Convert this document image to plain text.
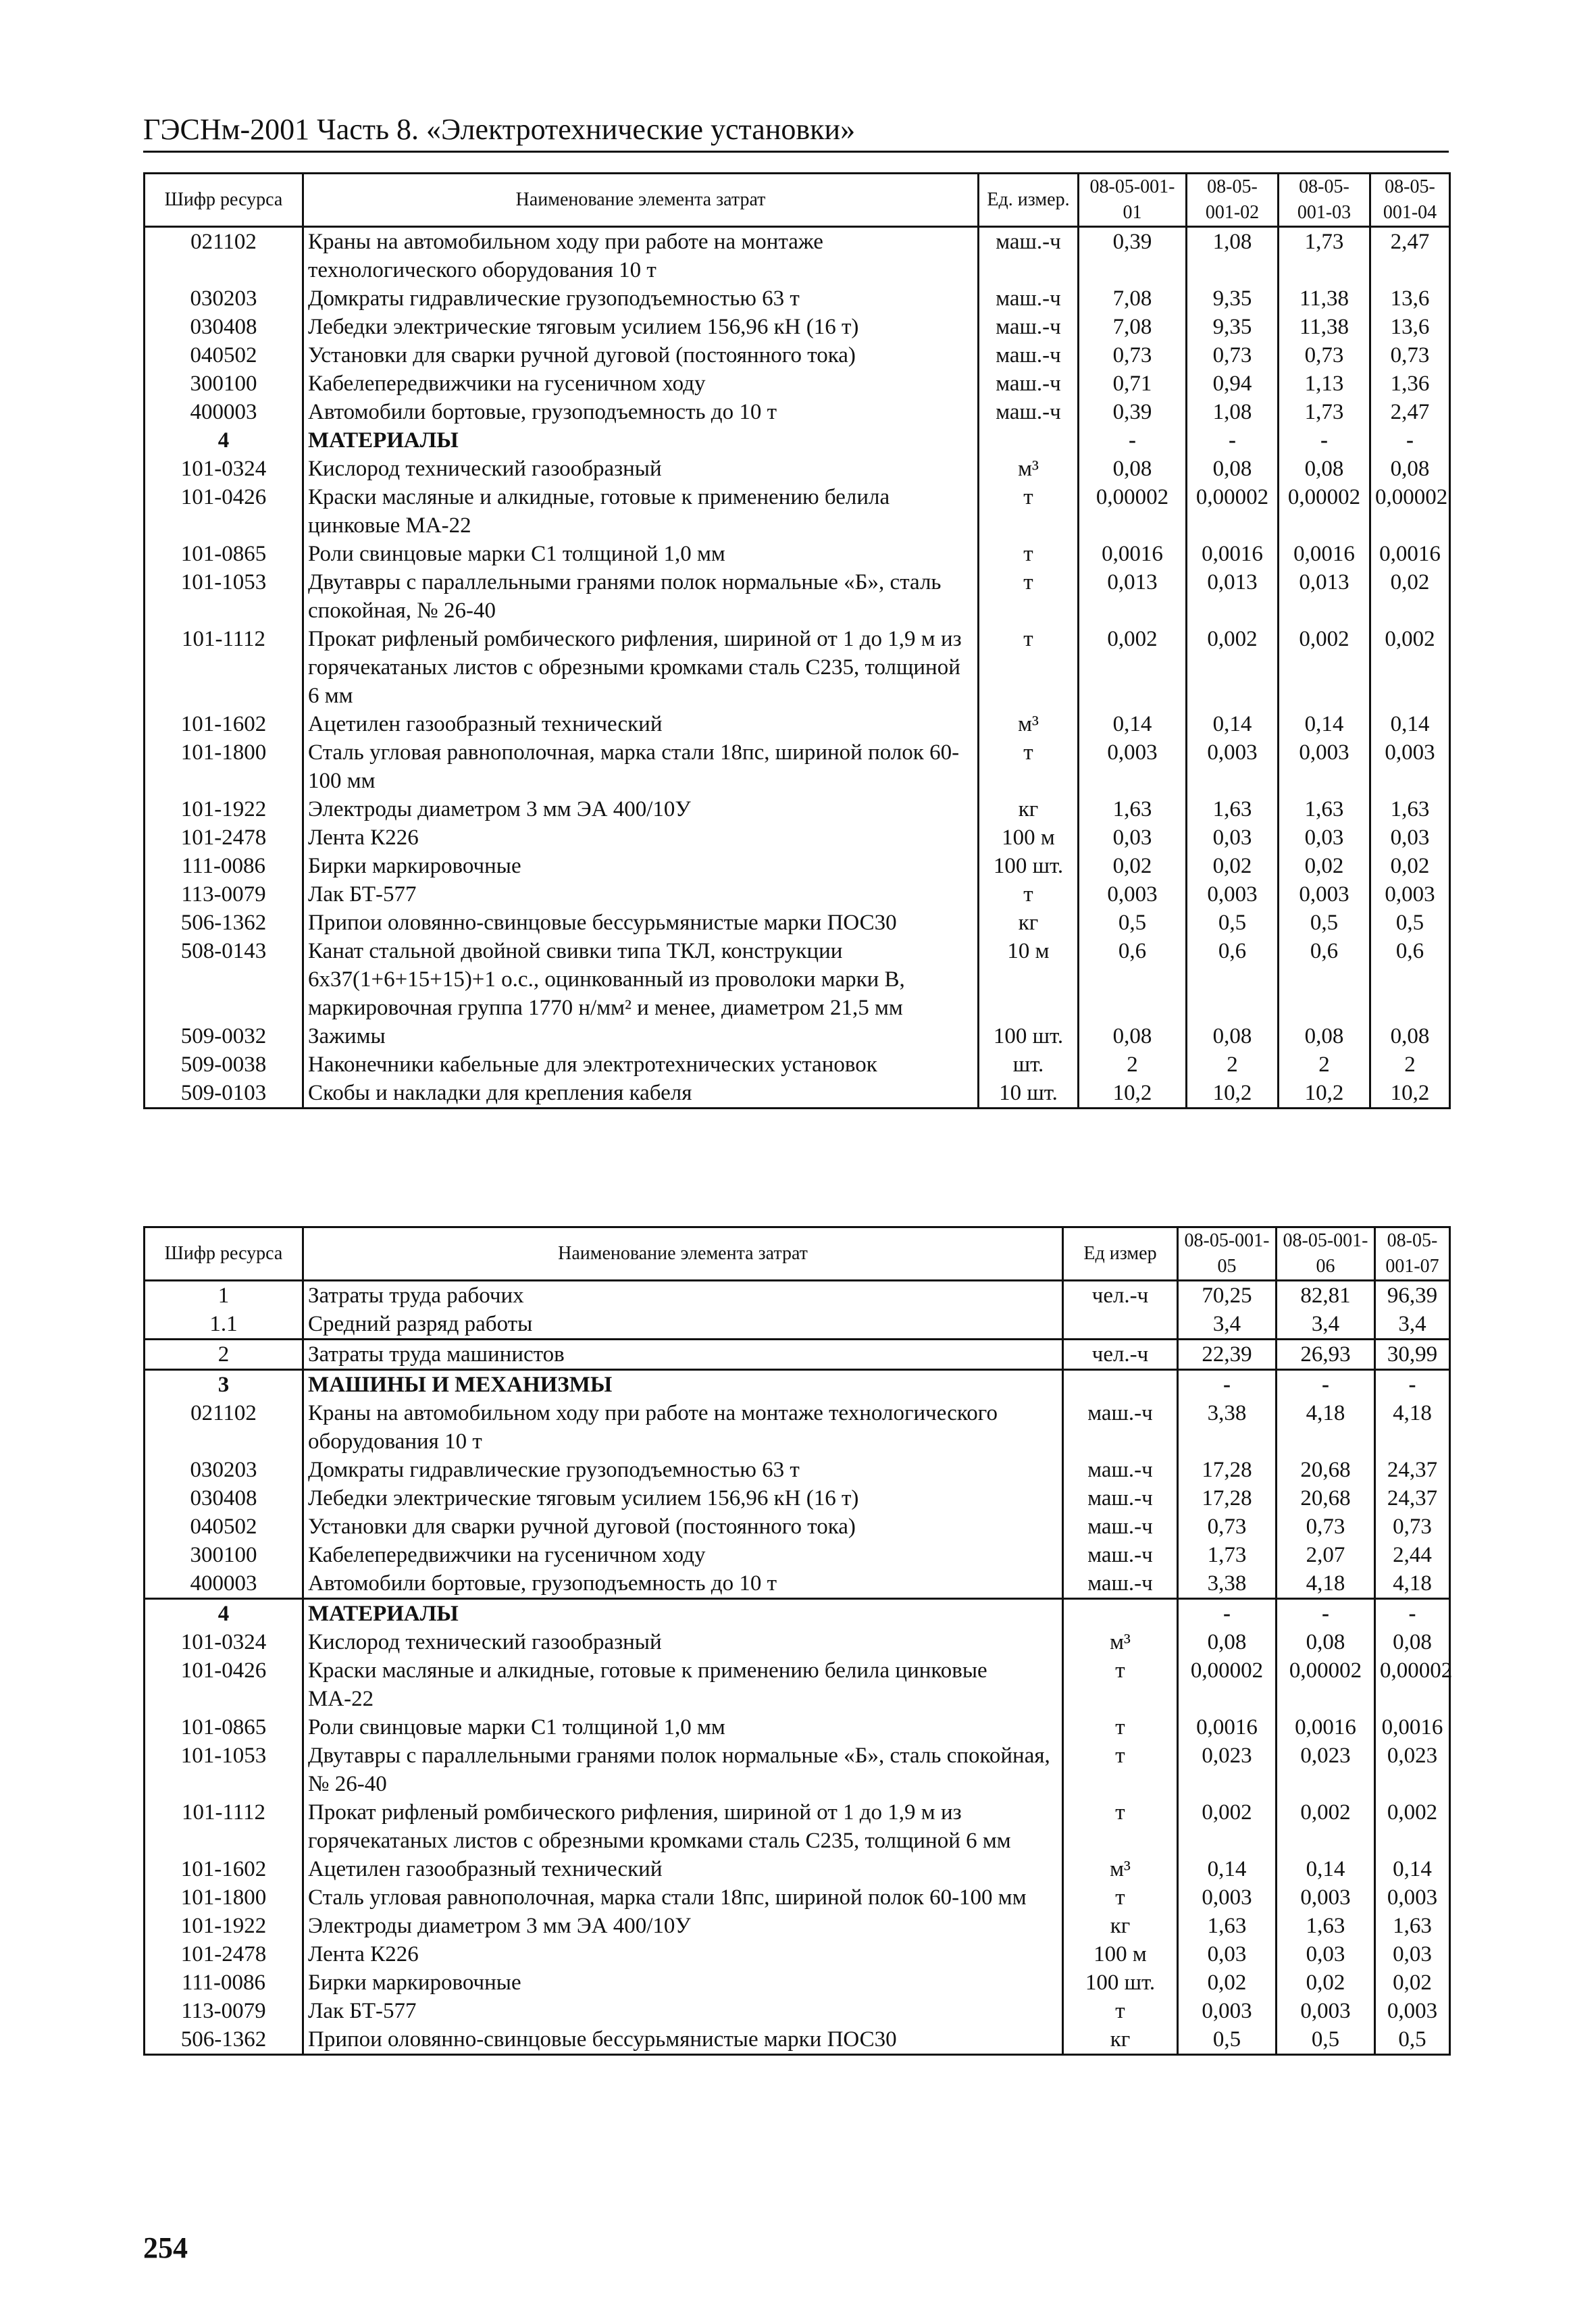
ГЭСНм-2001 Часть 8. «Электротехнические установки»
Шифр ресурса	Наименование элемента затрат	Ед. измер.	08-05-001-01	08-05-001-02	08-05-001-03	08-05-001-04
021102	Краны на автомобильном ходу при работе на монтаже технологического оборудования 10 т	маш.-ч	0,39	1,08	1,73	2,47
030203	Домкраты гидравлические грузоподъемностью 63 т	маш.-ч	7,08	9,35	11,38	13,6
030408	Лебедки электрические тяговым усилием 156,96 кН (16 т)	маш.-ч	7,08	9,35	11,38	13,6
040502	Установки для сварки ручной дуговой (постоянного тока)	маш.-ч	0,73	0,73	0,73	0,73
300100	Кабелепередвижчики на гусеничном ходу	маш.-ч	0,71	0,94	1,13	1,36
400003	Автомобили бортовые, грузоподъемность до 10 т	маш.-ч	0,39	1,08	1,73	2,47
4	МАТЕРИАЛЫ		-	-	-	-
101-0324	Кислород технический газообразный	м³	0,08	0,08	0,08	0,08
101-0426	Краски масляные и алкидные, готовые к применению белила цинковые МА-22	т	0,00002	0,00002	0,00002	0,00002
101-0865	Роли свинцовые марки С1 толщиной 1,0 мм	т	0,0016	0,0016	0,0016	0,0016
101-1053	Двутавры с параллельными гранями полок нормальные «Б», сталь спокойная, № 26-40	т	0,013	0,013	0,013	0,02
101-1112	Прокат рифленый ромбического рифления, шириной от 1 до 1,9 м из горячекатаных листов с обрезными кромками сталь С235, толщиной 6 мм	т	0,002	0,002	0,002	0,002
101-1602	Ацетилен газообразный технический	м³	0,14	0,14	0,14	0,14
101-1800	Сталь угловая равнополочная, марка стали 18пс, шириной полок 60-100 мм	т	0,003	0,003	0,003	0,003
101-1922	Электроды диаметром 3 мм ЭА 400/10У	кг	1,63	1,63	1,63	1,63
101-2478	Лента К226	100 м	0,03	0,03	0,03	0,03
111-0086	Бирки маркировочные	100 шт.	0,02	0,02	0,02	0,02
113-0079	Лак БТ-577	т	0,003	0,003	0,003	0,003
506-1362	Припои оловянно-свинцовые бессурьмянистые марки ПОС30	кг	0,5	0,5	0,5	0,5
508-0143	Канат стальной двойной свивки типа ТКЛ, конструкции 6х37(1+6+15+15)+1 о.с., оцинкованный из проволоки марки В, маркировочная группа 1770 н/мм² и менее, диаметром 21,5 мм	10 м	0,6	0,6	0,6	0,6
509-0032	Зажимы	100 шт.	0,08	0,08	0,08	0,08
509-0038	Наконечники кабельные для электротехнических установок	шт.	2	2	2	2
509-0103	Скобы и накладки для крепления кабеля	10 шт.	10,2	10,2	10,2	10,2
Шифр ресурса	Наименование элемента затрат	Ед измер	08-05-001-05	08-05-001-06	08-05-001-07
1	Затраты труда рабочих	чел.-ч	70,25	82,81	96,39
1.1	Средний разряд работы		3,4	3,4	3,4
2	Затраты труда машинистов	чел.-ч	22,39	26,93	30,99
3	МАШИНЫ И МЕХАНИЗМЫ		-	-	-
021102	Краны на автомобильном ходу при работе на монтаже технологического оборудования 10 т	маш.-ч	3,38	4,18	4,18
030203	Домкраты гидравлические грузоподъемностью 63 т	маш.-ч	17,28	20,68	24,37
030408	Лебедки электрические тяговым усилием 156,96 кН (16 т)	маш.-ч	17,28	20,68	24,37
040502	Установки для сварки ручной дуговой (постоянного тока)	маш.-ч	0,73	0,73	0,73
300100	Кабелепередвижчики на гусеничном ходу	маш.-ч	1,73	2,07	2,44
400003	Автомобили бортовые, грузоподъемность до 10 т	маш.-ч	3,38	4,18	4,18
4	МАТЕРИАЛЫ		-	-	-
101-0324	Кислород технический газообразный	м³	0,08	0,08	0,08
101-0426	Краски масляные и алкидные, готовые к применению белила цинковые МА-22	т	0,00002	0,00002	0,00002
101-0865	Роли свинцовые марки С1 толщиной 1,0 мм	т	0,0016	0,0016	0,0016
101-1053	Двутавры с параллельными гранями полок нормальные «Б», сталь спокойная, № 26-40	т	0,023	0,023	0,023
101-1112	Прокат рифленый ромбического рифления, шириной от 1 до 1,9 м из горячекатаных листов с обрезными кромками сталь С235, толщиной 6 мм	т	0,002	0,002	0,002
101-1602	Ацетилен газообразный технический	м³	0,14	0,14	0,14
101-1800	Сталь угловая равнополочная, марка стали 18пс, шириной полок 60-100 мм	т	0,003	0,003	0,003
101-1922	Электроды диаметром 3 мм ЭА 400/10У	кг	1,63	1,63	1,63
101-2478	Лента К226	100 м	0,03	0,03	0,03
111-0086	Бирки маркировочные	100 шт.	0,02	0,02	0,02
113-0079	Лак БТ-577	т	0,003	0,003	0,003
506-1362	Припои оловянно-свинцовые бессурьмянистые марки ПОС30	кг	0,5	0,5	0,5
254
